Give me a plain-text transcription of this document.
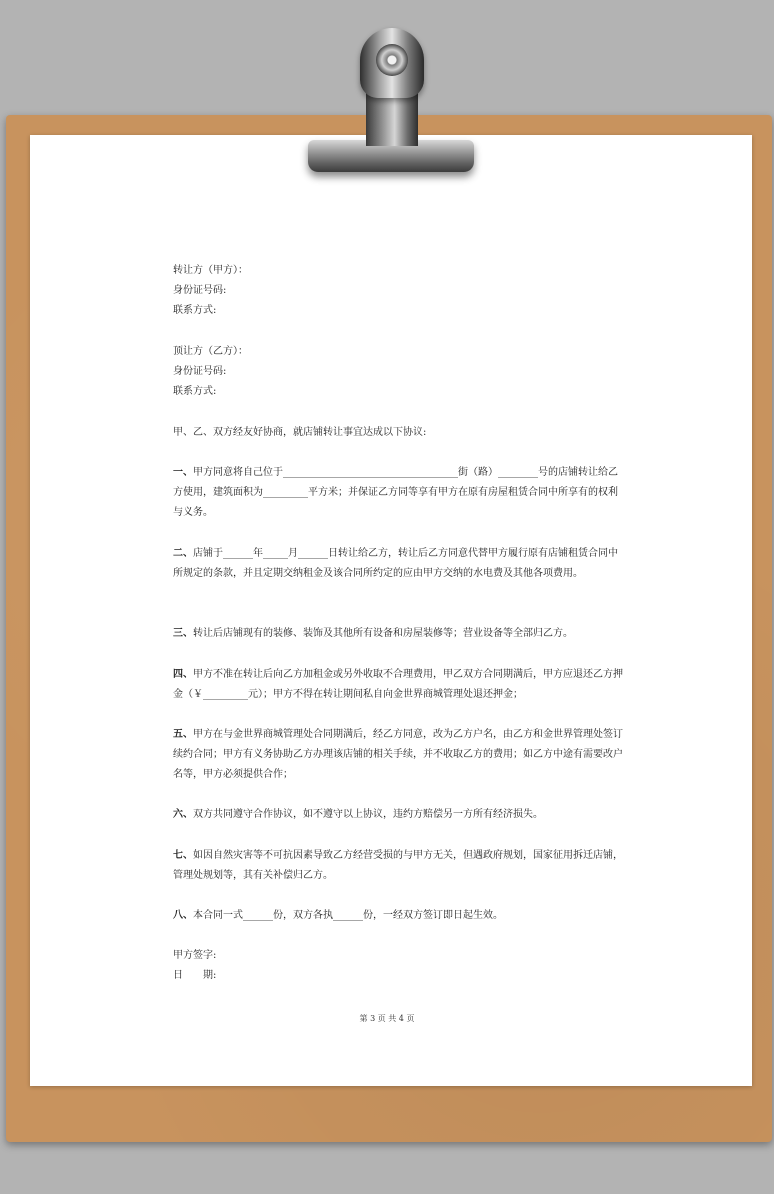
转让方（甲方）：
身份证号码:
联系方式:
顶让方（乙方）：
身份证号码:
联系方式:
甲、乙、双方经友好协商，就店铺转让事宜达成以下协议:
一、甲方同意将自己位于___________________________________街（路）________号的店铺转让给乙方使用，建筑面积为_________平方米；并保证乙方同等享有甲方在原有房屋租赁合同中所享有的权利与义务。
二、店铺于______年_____月______日转让给乙方，转让后乙方同意代替甲方履行原有店铺租赁合同中所规定的条款，并且定期交纳租金及该合同所约定的应由甲方交纳的水电费及其他各项费用。
三、转让后店铺现有的装修、装饰及其他所有设备和房屋装修等；营业设备等全部归乙方。
四、甲方不准在转让后向乙方加租金或另外收取不合理费用，甲乙双方合同期满后，甲方应退还乙方押金（￥_________元）；甲方不得在转让期间私自向金世界商城管理处退还押金；
五、甲方在与金世界商城管理处合同期满后，经乙方同意，改为乙方户名，由乙方和金世界管理处签订续约合同；甲方有义务协助乙方办理该店铺的相关手续，并不收取乙方的费用；如乙方中途有需要改户名等，甲方必须提供合作；
六、双方共同遵守合作协议，如不遵守以上协议，违约方赔偿另一方所有经济损失。
七、如因自然灾害等不可抗因素导致乙方经营受损的与甲方无关，但遇政府规划，国家征用拆迁店铺，管理处规划等，其有关补偿归乙方。
八、本合同一式______份，双方各执______份，一经双方签订即日起生效。
甲方签字:
日　　期:
第 3 页 共 4 页
